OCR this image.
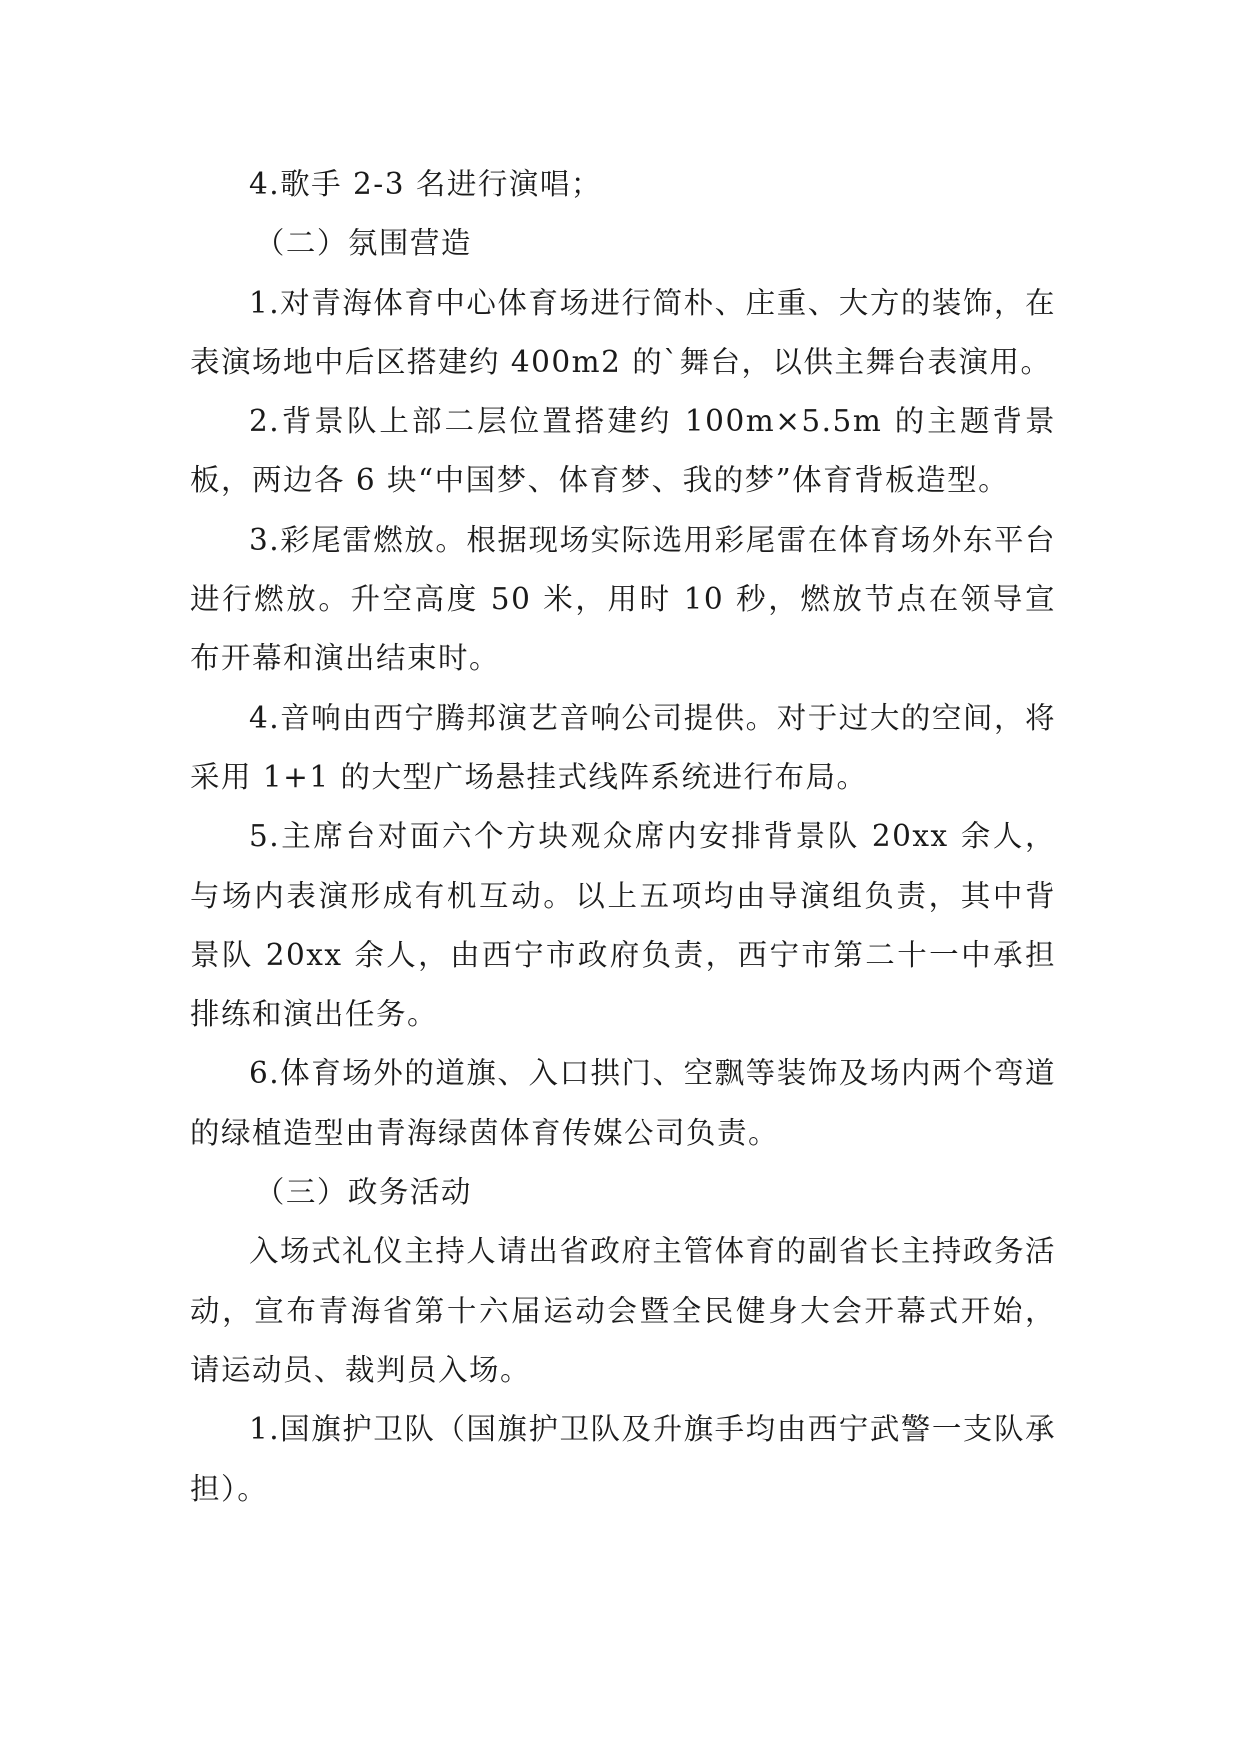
4.歌手 2-3 名进行演唱；

（二）氛围营造

1.对青海体育中心体育场进行简朴、庄重、大方的装饰，在表演场地中后区搭建约 400m2 的`舞台，以供主舞台表演用。

2.背景队上部二层位置搭建约 100m×5.5m 的主题背景板，两边各 6 块“中国梦、体育梦、我的梦”体育背板造型。

3.彩尾雷燃放。根据现场实际选用彩尾雷在体育场外东平台进行燃放。升空高度 50 米，用时 10 秒，燃放节点在领导宣布开幕和演出结束时。

4.音响由西宁腾邦演艺音响公司提供。对于过大的空间，将采用 1+1 的大型广场悬挂式线阵系统进行布局。

5.主席台对面六个方块观众席内安排背景队 20xx 余人，与场内表演形成有机互动。以上五项均由导演组负责，其中背景队 20xx 余人，由西宁市政府负责，西宁市第二十一中承担排练和演出任务。

6.体育场外的道旗、入口拱门、空飘等装饰及场内两个弯道的绿植造型由青海绿茵体育传媒公司负责。

（三）政务活动

入场式礼仪主持人请出省政府主管体育的副省长主持政务活动，宣布青海省第十六届运动会暨全民健身大会开幕式开始，请运动员、裁判员入场。

1.国旗护卫队（国旗护卫队及升旗手均由西宁武警一支队承担）。
